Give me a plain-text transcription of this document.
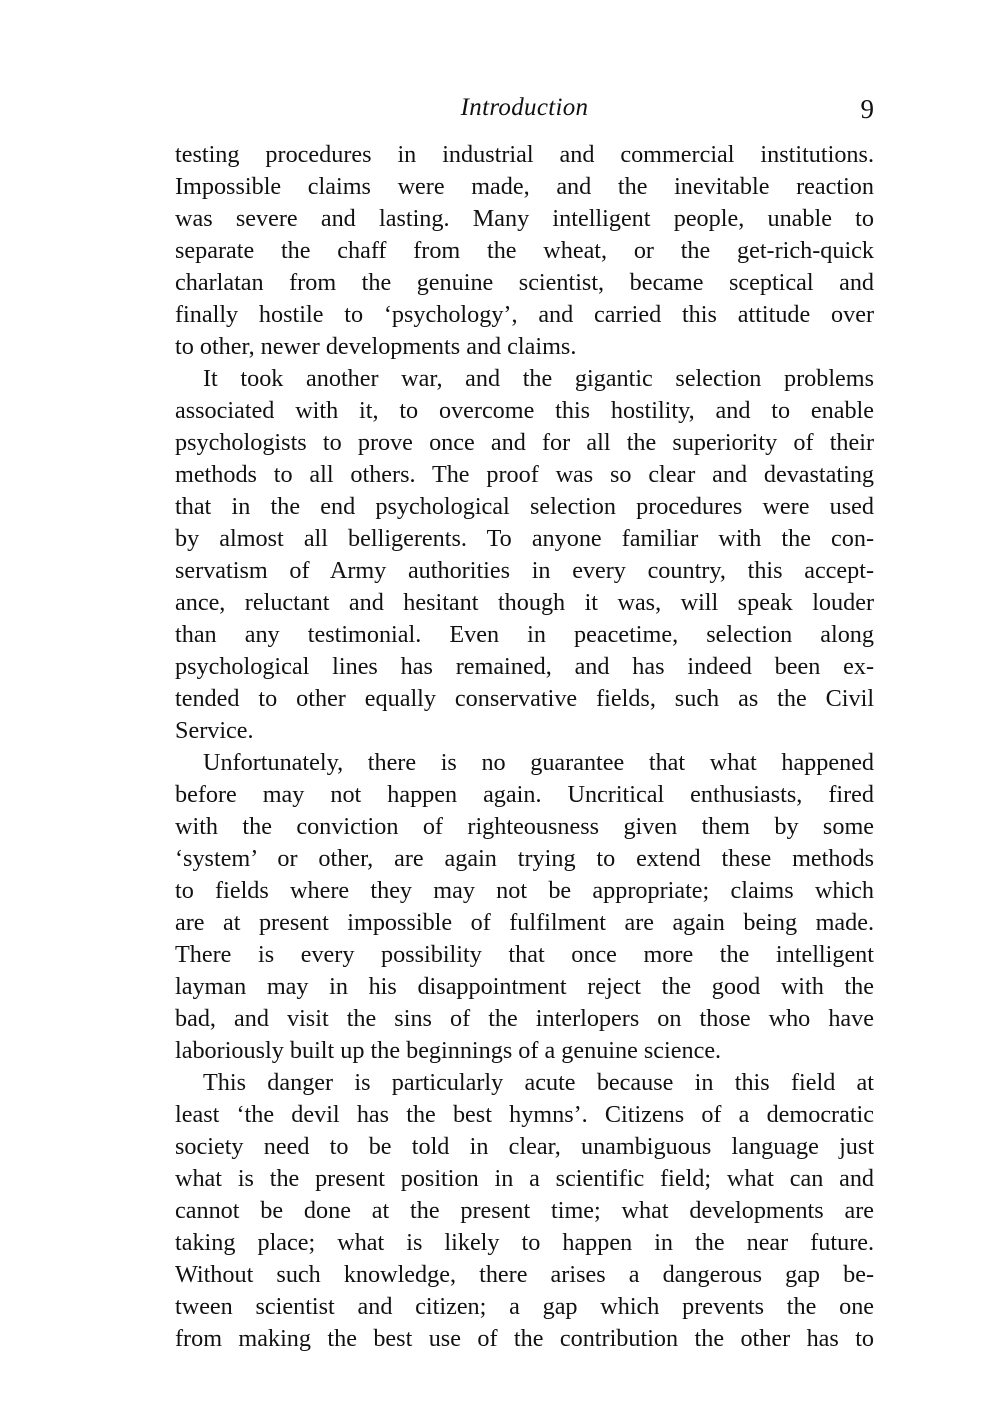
Introduction	9
testing procedures in industrial and commercial institutions.
Impossible claims were made, and the inevitable reaction
was severe and lasting. Many intelligent people, unable to
separate the chaff from the wheat, or the get-rich-quick
charlatan from the genuine scientist, became sceptical and
finally hostile to ‘psychology’, and carried this attitude over
to other, newer developments and claims.
It took another war, and the gigantic selection problems
associated with it, to overcome this hostility, and to enable
psychologists to prove once and for all the superiority of their
methods to all others. The proof was so clear and devastating
that in the end psychological selection procedures were used
by almost all belligerents. To anyone familiar with the con-
servatism of Army authorities in every country, this accept-
ance, reluctant and hesitant though it was, will speak louder
than any testimonial. Even in peacetime, selection along
psychological lines has remained, and has indeed been ex-
tended to other equally conservative fields, such as the Civil
Service.
Unfortunately, there is no guarantee that what happened
before may not happen again. Uncritical enthusiasts, fired
with the conviction of righteousness given them by some
‘system’ or other, are again trying to extend these methods
to fields where they may not be appropriate; claims which
are at present impossible of fulfilment are again being made.
There is every possibility that once more the intelligent
layman may in his disappointment reject the good with the
bad, and visit the sins of the interlopers on those who have
laboriously built up the beginnings of a genuine science.
This danger is particularly acute because in this field at
least ‘the devil has the best hymns’. Citizens of a democratic
society need to be told in clear, unambiguous language just
what is the present position in a scientific field; what can and
cannot be done at the present time; what developments are
taking place; what is likely to happen in the near future.
Without such knowledge, there arises a dangerous gap be-
tween scientist and citizen; a gap which prevents the one
from making the best use of the contribution the other has to
